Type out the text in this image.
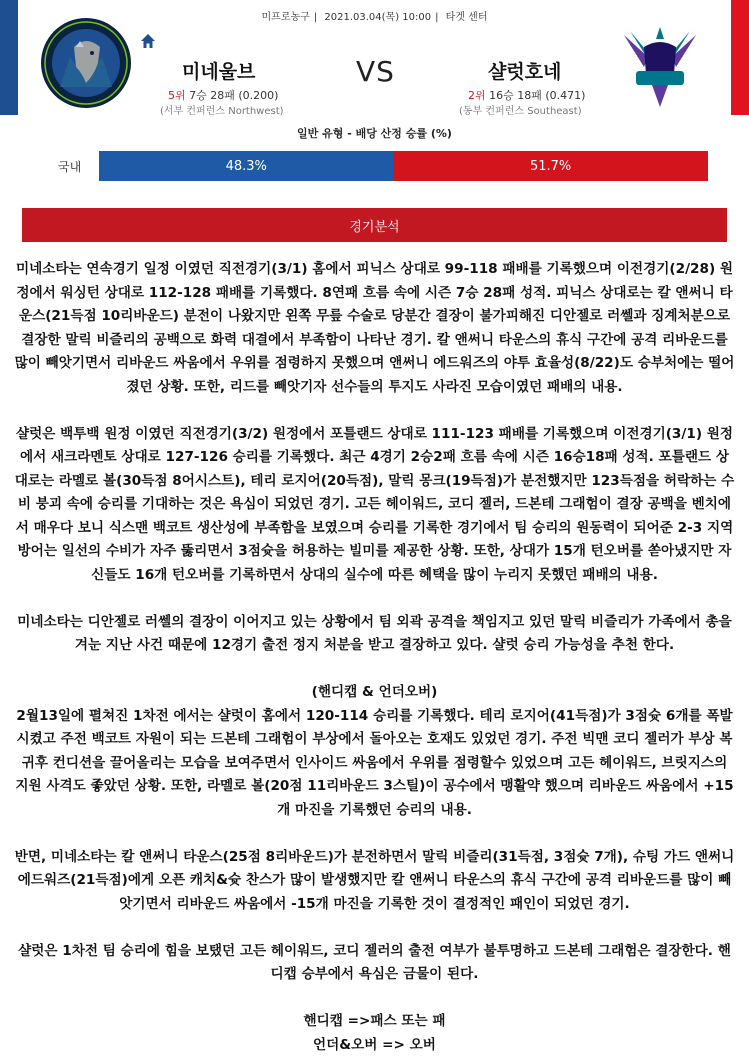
미프로농구 | 2021.03.04(목) 10:00 | 타겟 센터
미네울브	VS	샬럿호네
5위 7승 28패 (0.200)
(서부 컨퍼런스 Northwest)
2위 16승 18패 (0.471)
(동부 컨퍼런스 Southeast)
일반 유형 - 배당 산정 승률 (%)
국내	48.3%	51.7%
경기분석

미네소타는 연속경기 일정 이였던 직전경기(3/1) 홈에서 피닉스 상대로 99-118 패배를 기록했으며 이전경기(2/28) 원정에서 워싱턴 상대로 112-128 패배를 기록했다. 8연패 흐름 속에 시즌 7승 28패 성적. 피닉스 상대로는 칼 앤써니 타운스(21득점 10리바운드) 분전이 나왔지만 왼쪽 무릎 수술로 당분간 결장이 불가피해진 디안젤로 러쎌과 징계처분으로 결장한 말릭 비즐리의 공백으로 화력 대결에서 부족함이 나타난 경기. 칼 앤써니 타운스의 휴식 구간에 공격 리바운드를 많이 빼앗기면서 리바운드 싸움에서 우위를 점령하지 못했으며 앤써니 에드워즈의 야투 효율성(8/22)도 승부처에는 떨어졌던 상황. 또한, 리드를 빼앗기자 선수들의 투지도 사라진 모습이였던 패배의 내용.

샬럿은 백투백 원정 이였던 직전경기(3/2) 원정에서 포틀랜드 상대로 111-123 패배를 기록했으며 이전경기(3/1) 원정에서 새크라멘토 상대로 127-126 승리를 기록했다. 최근 4경기 2승2패 흐름 속에 시즌 16승18패 성적. 포틀랜드 상대로는 라멜로 볼(30득점 8어시스트), 테리 로지어(20득점), 말릭 몽크(19득점)가 분전했지만 123득점을 허락하는 수비 붕괴 속에 승리를 기대하는 것은 욕심이 되었던 경기. 고든 헤이워드, 코디 젤러, 드본테 그래험이 결장 공백을 벤치에서 매우다 보니 식스맨 백코트 생산성에 부족함을 보였으며 승리를 기록한 경기에서 팀 승리의 원동력이 되어준 2-3 지역방어는 일선의 수비가 자주 뚫리면서 3점슛을 허용하는 빌미를 제공한 상황. 또한, 상대가 15개 턴오버를 쏟아냈지만 자신들도 16개 턴오버를 기록하면서 상대의 실수에 따른 혜택을 많이 누리지 못했던 패배의 내용.

미네소타는 디안젤로 러쎌의 결장이 이어지고 있는 상황에서 팀 외곽 공격을 책임지고 있던 말릭 비즐리가 가족에서 총을 겨눈 지난 사건 때문에 12경기 출전 정지 처분을 받고 결장하고 있다. 샬럿 승리 가능성을 추천 한다.

(핸디캡 & 언더오버)

2월13일에 펼쳐진 1차전 에서는 샬럿이 홈에서 120-114 승리를 기록했다. 테리 로지어(41득점)가 3점슛 6개를 폭발시켰고 주전 백코트 자원이 되는 드본테 그래험이 부상에서 돌아오는 호재도 있었던 경기. 주전 빅맨 코디 젤러가 부상 복귀후 컨디션을 끌어올리는 모습을 보여주면서 인사이드 싸움에서 우위를 점령할수 있었으며 고든 헤이워드, 브릿지스의 지원 사격도 좋았던 상황. 또한, 라멜로 볼(20점 11리바운드 3스틸)이 공수에서 맹활약 했으며 리바운드 싸움에서 +15개 마진을 기록했던 승리의 내용.

반면, 미네소타는 칼 앤써니 타운스(25점 8리바운드)가 분전하면서 말릭 비즐리(31득점, 3점슛 7개), 슈팅 가드 앤써니 에드워즈(21득점)에게 오픈 캐치&슛 찬스가 많이 발생했지만 칼 앤써니 타운스의 휴식 구간에 공격 리바운드를 많이 빼앗기면서 리바운드 싸움에서 -15개 마진을 기록한 것이 결정적인 패인이 되었던 경기.

샬럿은 1차전 팀 승리에 힘을 보탰던 고든 헤이워드, 코디 젤러의 출전 여부가 불투명하고 드본테 그래험은 결장한다. 핸디캡 승부에서 욕심은 금물이 된다.

핸디캡 =>패스 또는 패

언더&오버 => 오버
